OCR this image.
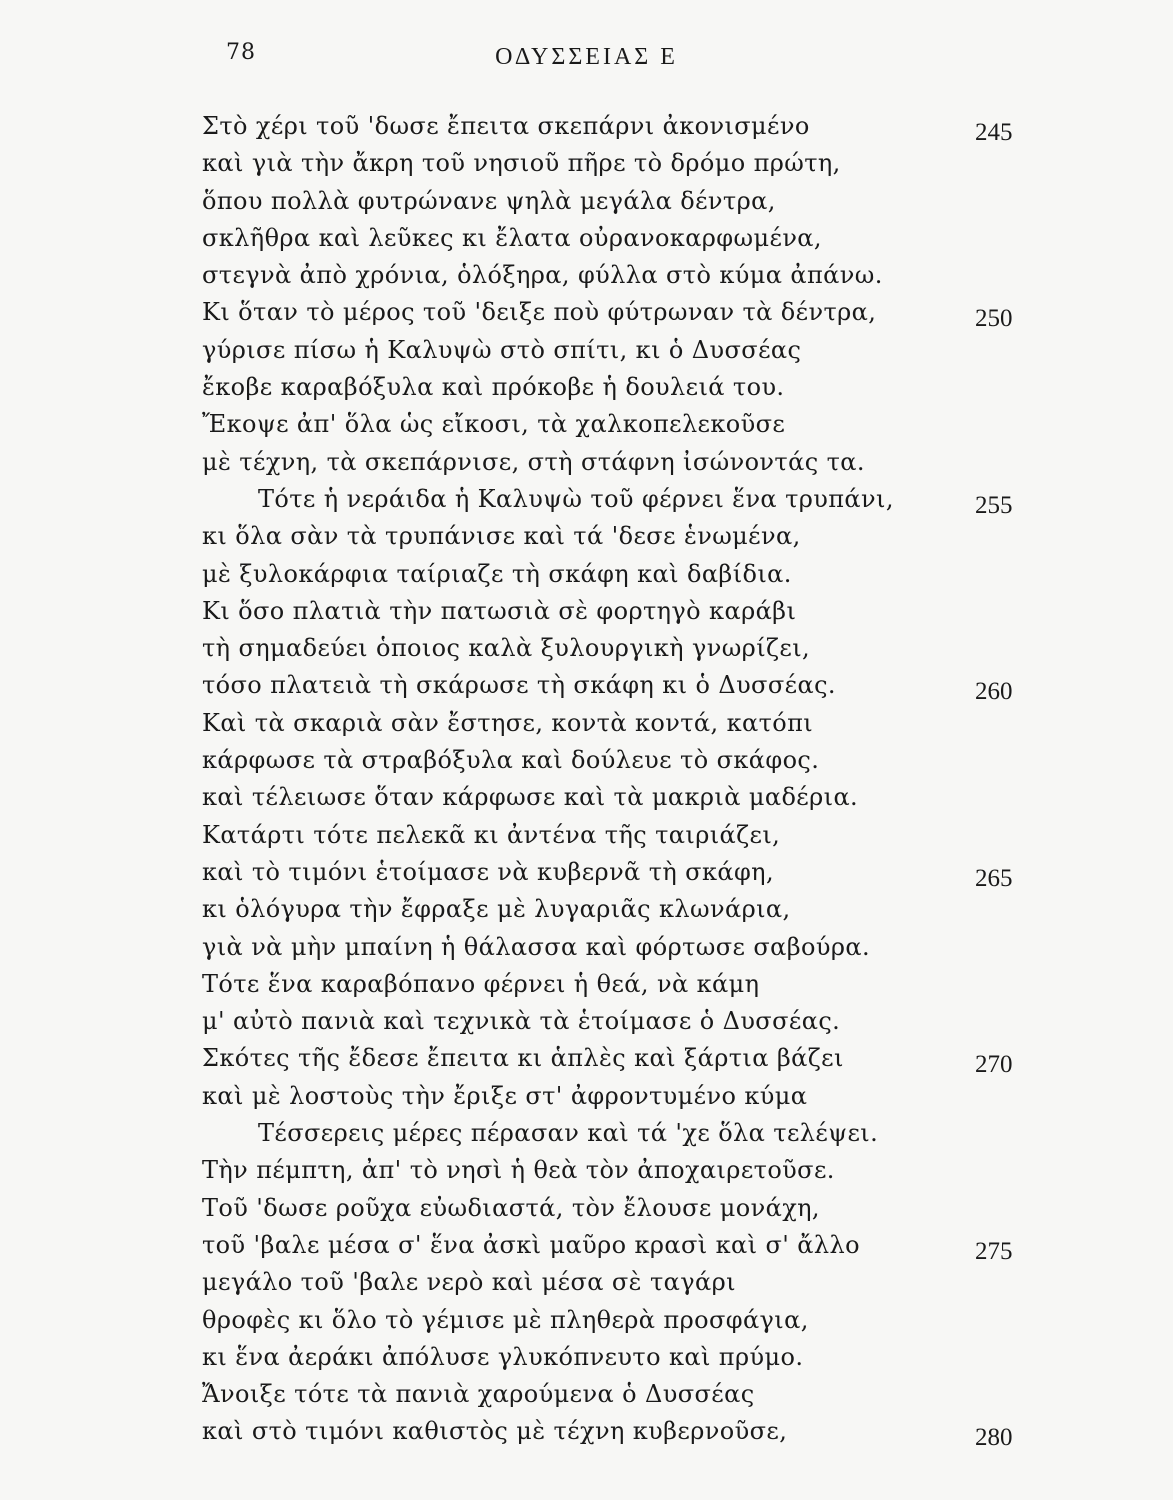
78	ΟΔΥΣΣΕΙΑΣ Ε
Στὸ χέρι τοῦ 'δωσε ἔπειτα σκεπάρνι ἀκονισμένο	245
καὶ γιὰ τὴν ἄκρη τοῦ νησιοῦ πῆρε τὸ δρόμο πρώτη,
ὅπου πολλὰ φυτρώνανε ψηλὰ μεγάλα δέντρα,
σκλῆθρα καὶ λεῦκες κι ἔλατα οὐρανοκαρφωμένα,
στεγνὰ ἀπὸ χρόνια, ὁλόξηρα, φύλλα στὸ κύμα ἀπάνω.
Κι ὅταν τὸ μέρος τοῦ 'δειξε ποὺ φύτρωναν τὰ δέντρα,	250
γύρισε πίσω ἡ Καλυψὼ στὸ σπίτι, κι ὁ Δυσσέας
ἔκοβε καραβόξυλα καὶ πρόκοβε ἡ δουλειά του.
Ἔκοψε ἀπ' ὅλα ὡς εἴκοσι, τὰ χαλκοπελεκοῦσε
μὲ τέχνη, τὰ σκεπάρνισε, στὴ στάφνη ἰσώνοντάς τα.
Τότε ἡ νεράιδα ἡ Καλυψὼ τοῦ φέρνει ἕνα τρυπάνι,	255
κι ὅλα σὰν τὰ τρυπάνισε καὶ τά 'δεσε ἑνωμένα,
μὲ ξυλοκάρφια ταίριαζε τὴ σκάφη καὶ δαβίδια.
Κι ὅσο πλατιὰ τὴν πατωσιὰ σὲ φορτηγὸ καράβι
τὴ σημαδεύει ὁποιος καλὰ ξυλουργικὴ γνωρίζει,
τόσο πλατειὰ τὴ σκάρωσε τὴ σκάφη κι ὁ Δυσσέας.	260
Καὶ τὰ σκαριὰ σὰν ἔστησε, κοντὰ κοντά, κατόπι
κάρφωσε τὰ στραβόξυλα καὶ δούλευε τὸ σκάφος.
καὶ τέλειωσε ὅταν κάρφωσε καὶ τὰ μακριὰ μαδέρια.
Κατάρτι τότε πελεκᾶ κι ἀντένα τῆς ταιριάζει,
καὶ τὸ τιμόνι ἑτοίμασε νὰ κυβερνᾶ τὴ σκάφη,	265
κι ὁλόγυρα τὴν ἔφραξε μὲ λυγαριᾶς κλωνάρια,
γιὰ νὰ μὴν μπαίνη ἡ θάλασσα καὶ φόρτωσε σαβούρα.
Τότε ἕνα καραβόπανο φέρνει ἡ θεά, νὰ κάμη
μ' αὐτὸ πανιὰ καὶ τεχνικὰ τὰ ἑτοίμασε ὁ Δυσσέας.
Σκότες τῆς ἔδεσε ἔπειτα κι ἁπλὲς καὶ ξάρτια βάζει	270
καὶ μὲ λοστοὺς τὴν ἔριξε στ' ἀφροντυμένο κύμα
Τέσσερεις μέρες πέρασαν καὶ τά 'χε ὅλα τελέψει.
Τὴν πέμπτη, ἀπ' τὸ νησὶ ἡ θεὰ τὸν ἀποχαιρετοῦσε.
Τοῦ 'δωσε ροῦχα εὐωδιαστά, τὸν ἔλουσε μονάχη,
τοῦ 'βαλε μέσα σ' ἕνα ἀσκὶ μαῦρο κρασὶ καὶ σ' ἄλλο	275
μεγάλο τοῦ 'βαλε νερὸ καὶ μέσα σὲ ταγάρι
θροφὲς κι ὅλο τὸ γέμισε μὲ πληθερὰ προσφάγια,
κι ἕνα ἀεράκι ἀπόλυσε γλυκόπνευτο καὶ πρύμο.
Ἄνοιξε τότε τὰ πανιὰ χαρούμενα ὁ Δυσσέας
καὶ στὸ τιμόνι καθιστὸς μὲ τέχνη κυβερνοῦσε,	280
